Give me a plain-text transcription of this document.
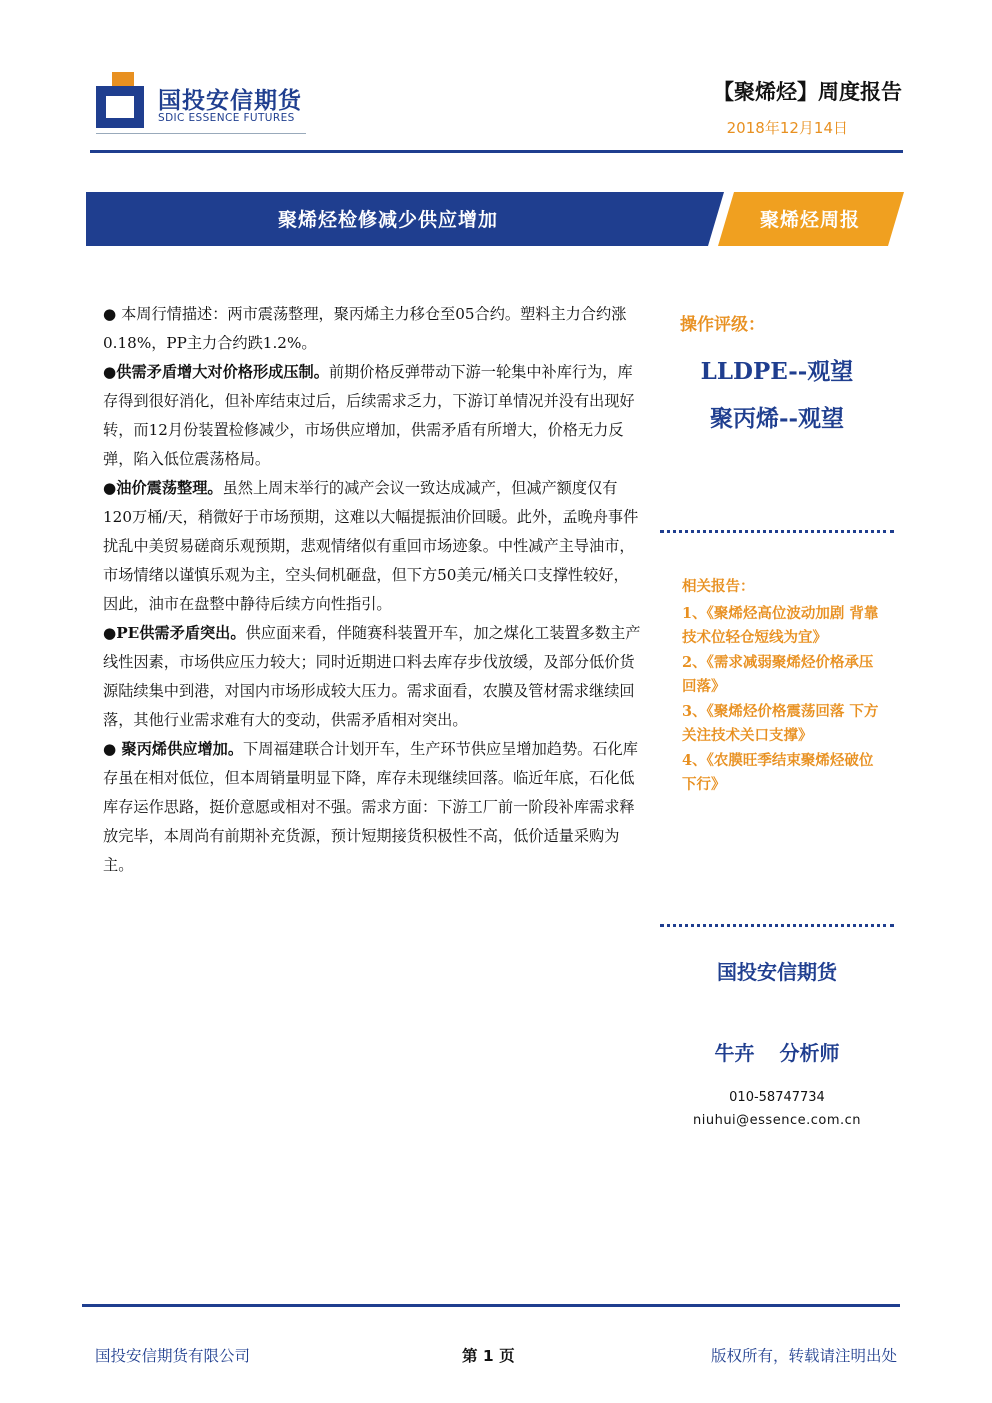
国投安信期货
SDIC ESSENCE FUTURES
【聚烯烃】周度报告
2018年12月14日
聚烯烃检修减少供应增加	聚烯烃周报

● 本周行情描述：两市震荡整理，聚丙烯主力移仓至05合约。塑料主力合约涨0.18%，PP主力合约跌1.2%。

●供需矛盾增大对价格形成压制。前期价格反弹带动下游一轮集中补库行为，库存得到很好消化，但补库结束过后，后续需求乏力，下游订单情况并没有出现好转，而12月份装置检修减少，市场供应增加，供需矛盾有所增大，价格无力反弹，陷入低位震荡格局。

●油价震荡整理。虽然上周末举行的减产会议一致达成减产，但减产额度仅有120万桶/天，稍微好于市场预期，这难以大幅提振油价回暖。此外，孟晚舟事件扰乱中美贸易磋商乐观预期，悲观情绪似有重回市场迹象。中性减产主导油市，市场情绪以谨慎乐观为主，空头伺机砸盘，但下方50美元/桶关口支撑性较好，因此，油市在盘整中静待后续方向性指引。

●PE供需矛盾突出。供应面来看，伴随赛科装置开车，加之煤化工装置多数主产线性因素，市场供应压力较大；同时近期进口料去库存步伐放缓，及部分低价货源陆续集中到港，对国内市场形成较大压力。需求面看，农膜及管材需求继续回落，其他行业需求难有大的变动，供需矛盾相对突出。

● 聚丙烯供应增加。下周福建联合计划开车，生产环节供应呈增加趋势。石化库存虽在相对低位，但本周销量明显下降，库存未现继续回落。临近年底，石化低库存运作思路，挺价意愿或相对不强。需求方面：下游工厂前一阶段补库需求释放完毕，本周尚有前期补充货源，预计短期接货积极性不高，低价适量采购为主。

操作评级：
LLDPE--观望
聚丙烯--观望
相关报告：

1、《聚烯烃高位波动加剧 背靠技术位轻仓短线为宜》

2、《需求减弱聚烯烃价格承压回落》

3、《聚烯烃价格震荡回落 下方关注技术关口支撑》

4、《农膜旺季结束聚烯烃破位下行》

国投安信期货
牛卉 分析师
010-58747734
niuhui@essence.com.cn
国投安信期货有限公司	第 1 页	版权所有，转载请注明出处
